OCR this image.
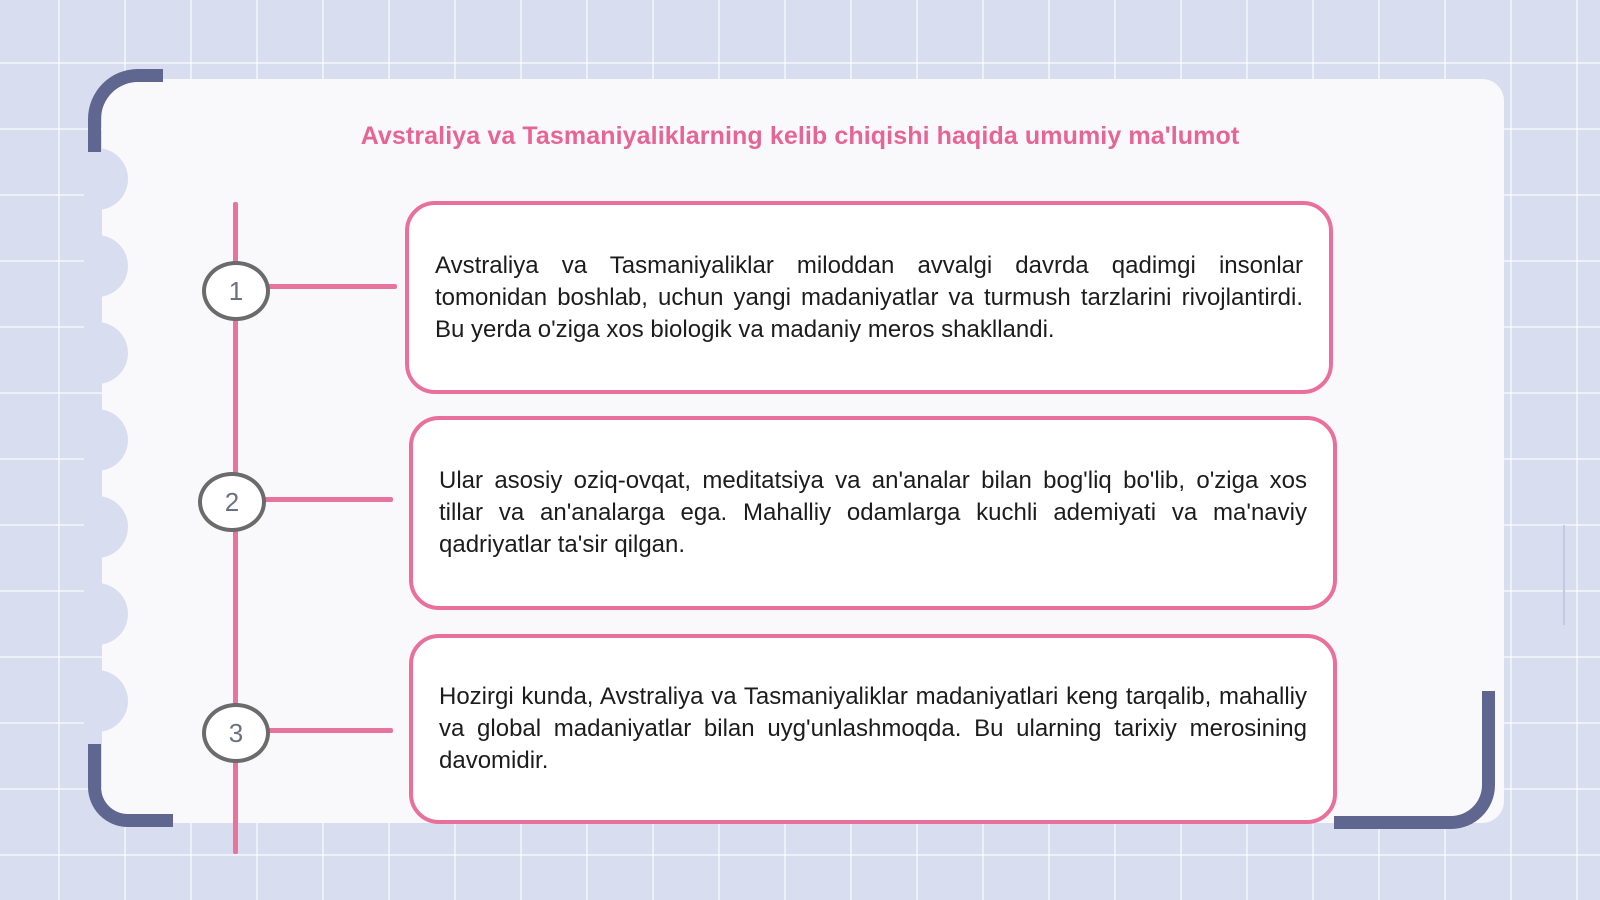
Avstraliya va Tasmaniyaliklarning kelib chiqishi haqida umumiy ma'lumot
1
2
3

Avstraliya va Tasmaniyaliklar miloddan avvalgi davrda qadimgi insonlar tomonidan boshlab, uchun yangi madaniyatlar va turmush tarzlarini rivojlantirdi. Bu yerda o'ziga xos biologik va madaniy meros shakllandi.

Ular asosiy oziq-ovqat, meditatsiya va an'analar bilan bog'liq bo'lib, o'ziga xos tillar va an'analarga ega. Mahalliy odamlarga kuchli ademiyati va ma'naviy qadriyatlar ta'sir qilgan.

Hozirgi kunda, Avstraliya va Tasmaniyaliklar madaniyatlari keng tarqalib, mahalliy va global madaniyatlar bilan uyg'unlashmoqda. Bu ularning tarixiy merosining davomidir.
